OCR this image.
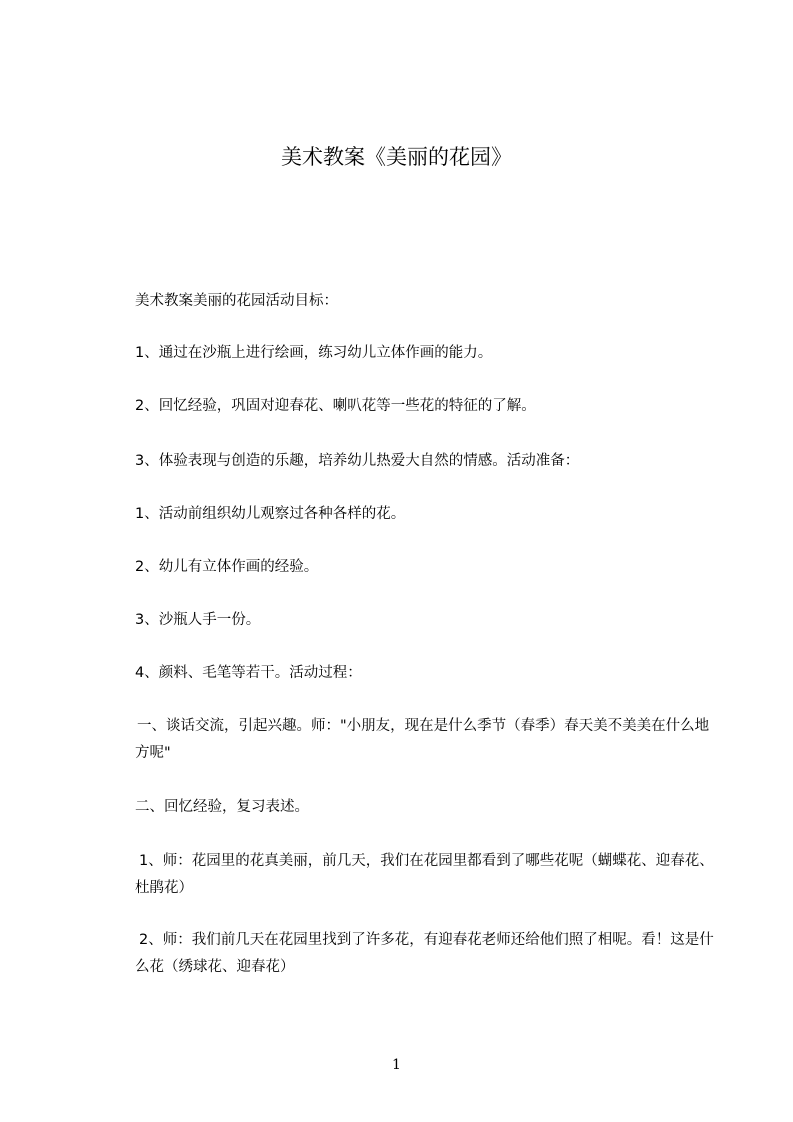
美术教案《美丽的花园》
美术教案美丽的花园活动目标：
1、通过在沙瓶上进行绘画，练习幼儿立体作画的能力。
2、回忆经验，巩固对迎春花、喇叭花等一些花的特征的了解。
3、体验表现与创造的乐趣，培养幼儿热爱大自然的情感。活动准备：
1、活动前组织幼儿观察过各种各样的花。
2、幼儿有立体作画的经验。
3、沙瓶人手一份。
4、颜料、毛笔等若干。活动过程：
一、谈话交流，引起兴趣。师："小朋友，现在是什么季节（春季）春天美不美美在什么地方呢"
二、回忆经验，复习表述。
1、师：花园里的花真美丽，前几天，我们在花园里都看到了哪些花呢（蝴蝶花、迎春花、杜鹃花）
2、师：我们前几天在花园里找到了许多花，有迎春花老师还给他们照了相呢。看！这是什么花（绣球花、迎春花）
1
